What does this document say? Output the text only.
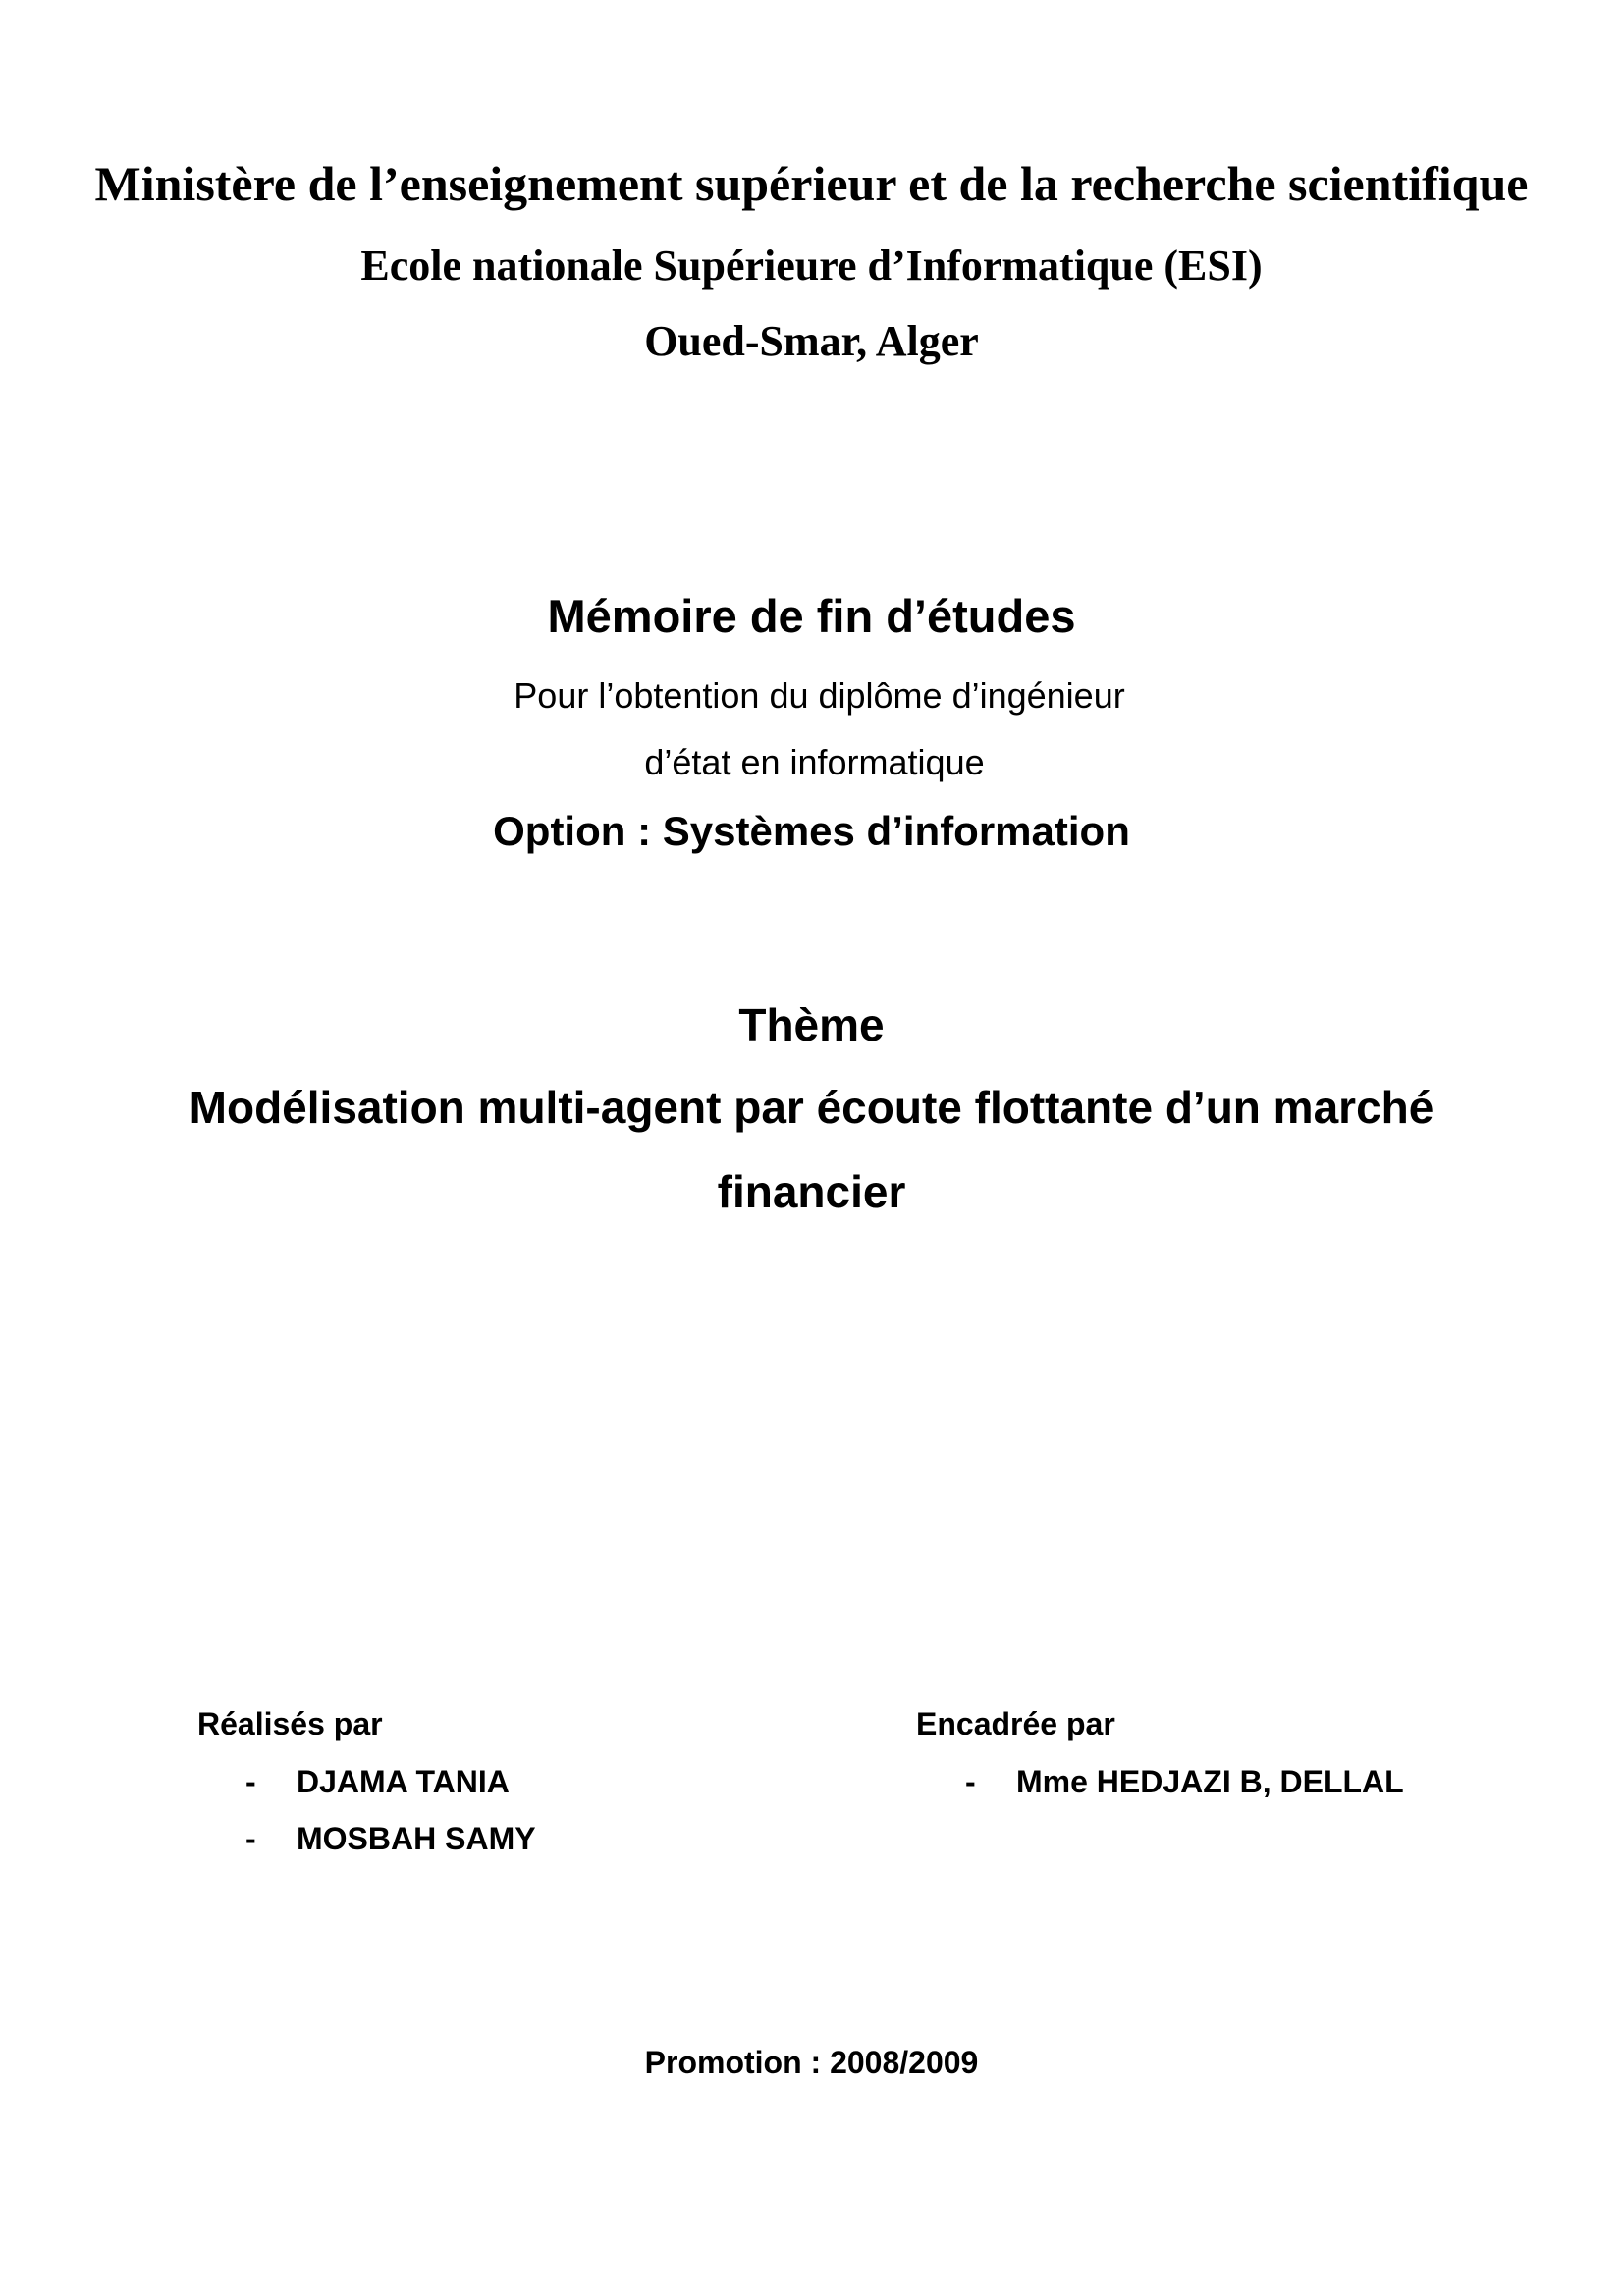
Ministère de l’enseignement supérieur et de la recherche scientifique
Ecole nationale Supérieure d’Informatique (ESI)
Oued-Smar, Alger
Mémoire de fin d’études
Pour l’obtention du diplôme d’ingénieur
d’état en informatique
Option : Systèmes d’information
Thème
Modélisation multi-agent par écoute flottante d’un marché
financier
Réalisés par
- DJAMA TANIA
- MOSBAH SAMY
Encadrée par
- Mme HEDJAZI B, DELLAL
Promotion : 2008/2009
